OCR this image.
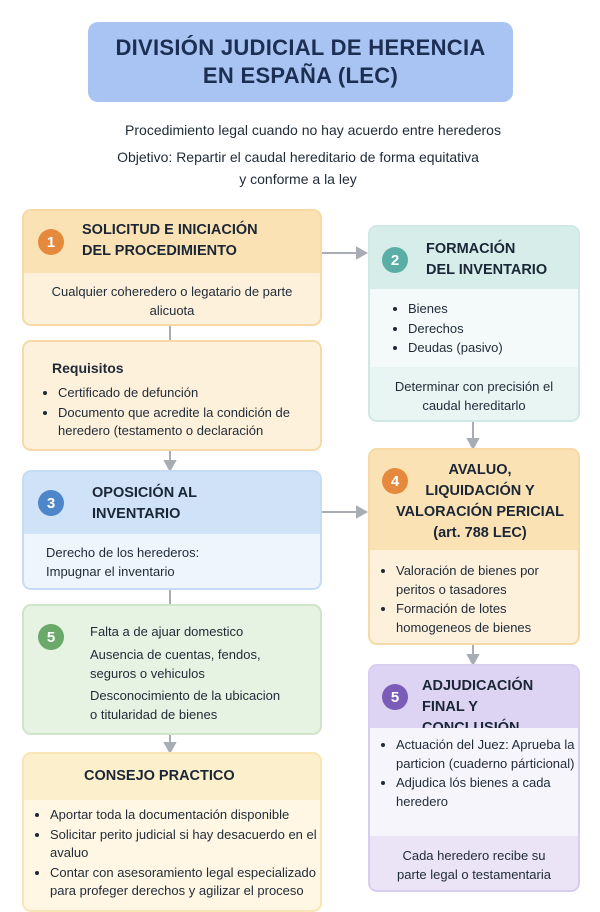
DIVISIÓN JUDICIAL DE HERENCIA
EN ESPAÑA (LEC)
Procedimiento legal cuando no hay acuerdo entre herederos
Objetivo: Repartir el caudal hereditario de forma equitativa
y conforme a la ley
1
SOLICITUD E INICIACIÓN
DEL PROCEDIMIENTO
Cualquier coheredero o legatario de parte
alicuota
Requisitos
• Certificado de defunción
• Documento que acredite la condición de heredero (testamento o declaración
2
FORMACIÓN
DEL INVENTARIO
• Bienes
• Derechos
• Deudas (pasivo)
Determinar con precisión el
caudal hereditarlo
3
OPOSICIÓN AL
INVENTARIO
Derecho de los herederos:
Impugnar el inventario
4
AVALUO,
LIQUIDACIÓN Y
VALORACIÓN PERICIAL
(art. 788 LEC)
• Valoración de bienes por peritos o tasadores
• Formación de lotes homogeneos de bienes
5	Falta a de ajuar domestico
Ausencia de cuentas, fendos,
seguros o vehiculos
Desconocimiento de la ubicacion
o titularidad de bienes
5
ADJUDICACIÓN
FINAL Y
• Actuación del Juez: Aprueba la particion (cuaderno párticional)
• Adjudica lós bienes a cada heredero
Cada heredero recibe su
parte legal o testamentaria
CONSEJO PRACTICO
• Aportar toda la documentación disponible
• Solicitar perito judicial si hay desacuerdo en el avaluo
• Contar con asesoramiento legal especializado para profeger derechos y agilizar el proceso
